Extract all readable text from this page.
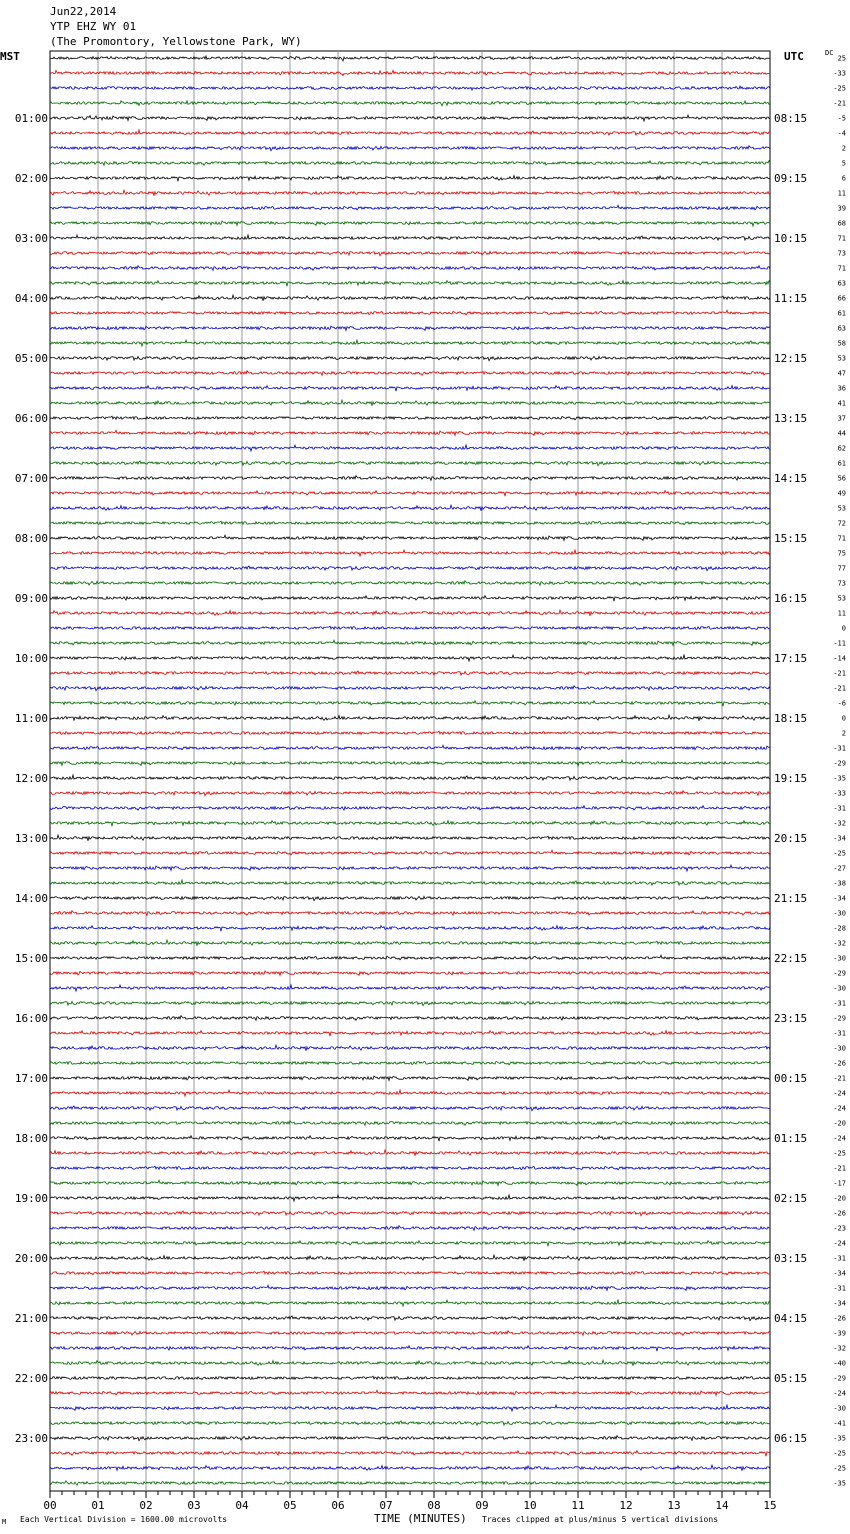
Jun22,2014
YTP EHZ WY 01
(The Promontory, Yellowstone Park, WY)
MST	UTC	DC
25
-33
-25
-21
-5
-4
2
5
6
11
39
68
71
73
71
63
66
61
63
58
53
47
36
41
37
44
62
61
56
49
53
72
71
75
77
73
53
11
0
-11
-14
-21
-21
-6
0
2
-31
-29
-35
-33
-31
-32
-34
-25
-27
-38
-34
-30
-28
-32
-30
-29
-30
-31
-29
-31
-30
-26
-21
-24
-24
-20
-24
-25
-21
-17
-20
-26
-23
-24
-31
-34
-31
-34
-26
-39
-32
-40
-29
-24
-30
-41
-35
-25
-25
-35
01:00
02:00
03:00
04:00
05:00
06:00
07:00
08:00
09:00
10:00
11:00
12:00
13:00
14:00
15:00
16:00
17:00
18:00
19:00
20:00
21:00
22:00
23:00
08:15
09:15
10:15
11:15
12:15
13:15
14:15
15:15
16:15
17:15
18:15
19:15
20:15
21:15
22:15
23:15
00:15
01:15
02:15
03:15
04:15
05:15
06:15
00	01	02	03	04	05	06	07	08	09	10	11	12	13	14	15
M Each Vertical Division = 1600.00 microvolts	TIME (MINUTES) Traces clipped at plus/minus 5 vertical divisions
